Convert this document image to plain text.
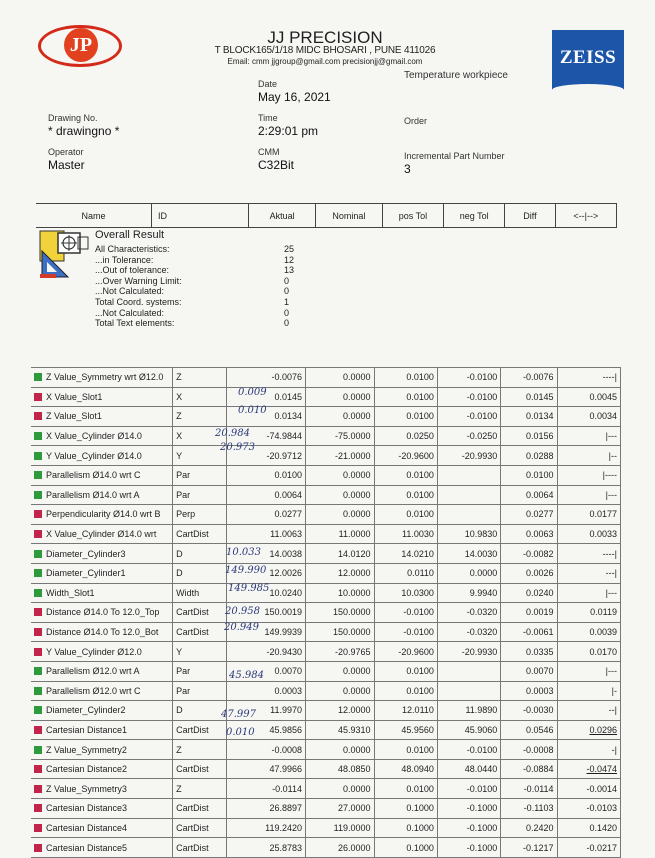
JP	JJ PRECISION
T BLOCK165/1/18 MIDC BHOSARI , PUNE 411026
Email: cmm jjgroup@gmail.com precisionjj@gmail.com	ZEISS
Temperature workpiece
Date
May 16, 2021
Drawing No.
* drawingno *
Time
2:29:01 pm
Order
Operator
Master
CMM
C32Bit
Incremental Part Number
3
Name	ID	Aktual	Nominal	pos Tol	neg Tol	Diff	<--|-->
Overall Result
All Characteristics:	25
...in Tolerance:	12
...Out of tolerance:	13
...Over Warning Limit:	0
...Not Calculated:	0
Total Coord. systems:	1
...Not Calculated:	0
Total Text elements:	0
Z Value_Symmetry wrt Ø12.0	Z	-0.0076	0.0000	0.0100	-0.0100	-0.0076	----|
X Value_Slot1	X	0.0145	0.0000	0.0100	-0.0100	0.0145	0.0045
Z Value_Slot1	Z	0.0134	0.0000	0.0100	-0.0100	0.0134	0.0034
X Value_Cylinder Ø14.0	X	-74.9844	-75.0000	0.0250	-0.0250	0.0156	|---
Y Value_Cylinder Ø14.0	Y	-20.9712	-21.0000	-20.9600	-20.9930	0.0288	|--
Parallelism Ø14.0 wrt C	Par	0.0100	0.0000	0.0100		0.0100	|----
Parallelism Ø14.0 wrt A	Par	0.0064	0.0000	0.0100		0.0064	|---
Perpendicularity Ø14.0 wrt B	Perp	0.0277	0.0000	0.0100		0.0277	0.0177
X Value_Cylinder Ø14.0 wrt	CartDist	11.0063	11.0000	11.0030	10.9830	0.0063	0.0033
Diameter_Cylinder3	D	14.0038	14.0120	14.0210	14.0030	-0.0082	----|
Diameter_Cylinder1	D	12.0026	12.0000	0.0110	0.0000	0.0026	---|
Width_Slot1	Width	10.0240	10.0000	10.0300	9.9940	0.0240	|---
Distance Ø14.0 To 12.0_Top	CartDist	150.0019	150.0000	-0.0100	-0.0320	0.0019	0.0119
Distance Ø14.0 To 12.0_Bot	CartDist	149.9939	150.0000	-0.0100	-0.0320	-0.0061	0.0039
Y Value_Cylinder Ø12.0	Y	-20.9430	-20.9765	-20.9600	-20.9930	0.0335	0.0170
Parallelism Ø12.0 wrt A	Par	0.0070	0.0000	0.0100		0.0070	|---
Parallelism Ø12.0 wrt C	Par	0.0003	0.0000	0.0100		0.0003	|-
Diameter_Cylinder2	D	11.9970	12.0000	12.0110	11.9890	-0.0030	--|
Cartesian Distance1	CartDist	45.9856	45.9310	45.9560	45.9060	0.0546	0.0296
Z Value_Symmetry2	Z	-0.0008	0.0000	0.0100	-0.0100	-0.0008	-|
Cartesian Distance2	CartDist	47.9966	48.0850	48.0940	48.0440	-0.0884	-0.0474
Z Value_Symmetry3	Z	-0.0114	0.0000	0.0100	-0.0100	-0.0114	-0.0014
Cartesian Distance3	CartDist	26.8897	27.0000	0.1000	-0.1000	-0.1103	-0.0103
Cartesian Distance4	CartDist	119.2420	119.0000	0.1000	-0.1000	0.2420	0.1420
Cartesian Distance5	CartDist	25.8783	26.0000	0.1000	-0.1000	-0.1217	-0.0217
0.009
0.010
20.984
20.973
10.033
149.990
149.985
20.958
20.949
45.984
47.997
0.010
